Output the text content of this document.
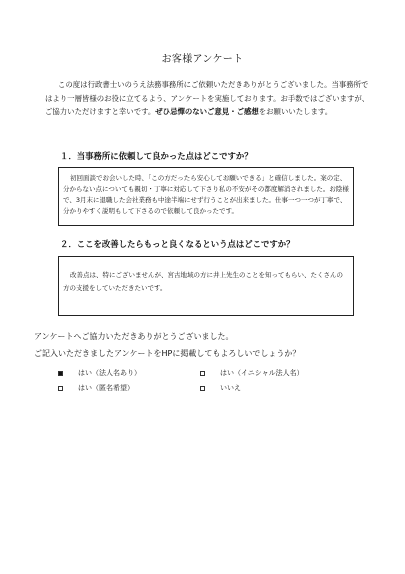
お客様アンケート
この度は行政書士いのうえ法務事務所にご依頼いただきありがとうございました。当事務所ではより一層皆様のお役に立てるよう、アンケートを実施しております。お手数ではございますが、ご協力いただけますと幸いです。ぜひ忌憚のないご意見・ご感想をお願いいたします。
１．当事務所に依頼して良かった点はどこですか？
初回面談でお会いした時、「この方だったら安心してお願いできる」と確信しました。案の定、分からない点についても親切・丁寧に対応して下さり私の不安がその都度解消されました。お陰様で、3月末に退職した会社業務も中途半端にせず行うことが出来ました。仕事一つ一つが丁寧で、分かりやすく説明もして下さるので依頼して良かったです。
２．ここを改善したらもっと良くなるという点はどこですか？
改善点は、特にございませんが、宮古地域の方に井上先生のことを知ってもらい、たくさんの方の支援をしていただきたいです。
アンケートへご協力いただきありがとうございました。
ご記入いただきましたアンケートをHPに掲載してもよろしいでしょうか？
はい（法人名あり）	はい（イニシャル法人名）
はい（匿名希望）	いいえ
